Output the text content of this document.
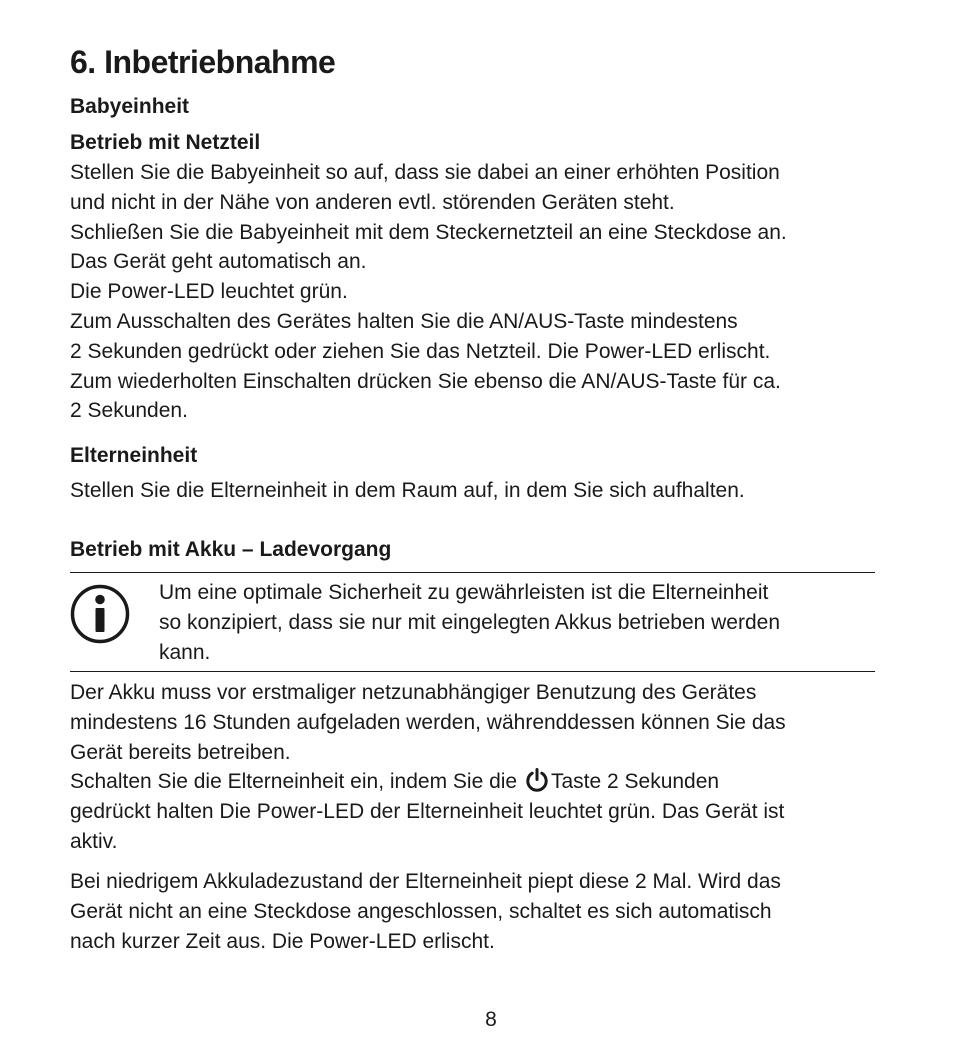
6. Inbetriebnahme

Babyeinheit

Betrieb mit Netzteil

Stellen Sie die Babyeinheit so auf, dass sie dabei an einer erhöhten Position
und nicht in der Nähe von anderen evtl. störenden Geräten steht.
Schließen Sie die Babyeinheit mit dem Steckernetzteil an eine Steckdose an.
Das Gerät geht automatisch an.
Die Power-LED leuchtet grün.
Zum Ausschalten des Gerätes halten Sie die AN/AUS-Taste mindestens
2 Sekunden gedrückt oder ziehen Sie das Netzteil. Die Power-LED erlischt.
Zum wiederholten Einschalten drücken Sie ebenso die AN/AUS-Taste für ca.
2 Sekunden.

Elterneinheit

Stellen Sie die Elterneinheit in dem Raum auf, in dem Sie sich aufhalten.

Betrieb mit Akku – Ladevorgang

Um eine optimale Sicherheit zu gewährleisten ist die Elterneinheit
so konzipiert, dass sie nur mit eingelegten Akkus betrieben werden
kann.

Der Akku muss vor erstmaliger netzunabhängiger Benutzung des Gerätes
mindestens 16 Stunden aufgeladen werden, währenddessen können Sie das
Gerät bereits betreiben.
Schalten Sie die Elterneinheit ein, indem Sie die Taste 2 Sekunden
gedrückt halten Die Power-LED der Elterneinheit leuchtet grün. Das Gerät ist
aktiv.

Bei niedrigem Akkuladezustand der Elterneinheit piept diese 2 Mal. Wird das
Gerät nicht an eine Steckdose angeschlossen, schaltet es sich automatisch
nach kurzer Zeit aus. Die Power-LED erlischt.

8
